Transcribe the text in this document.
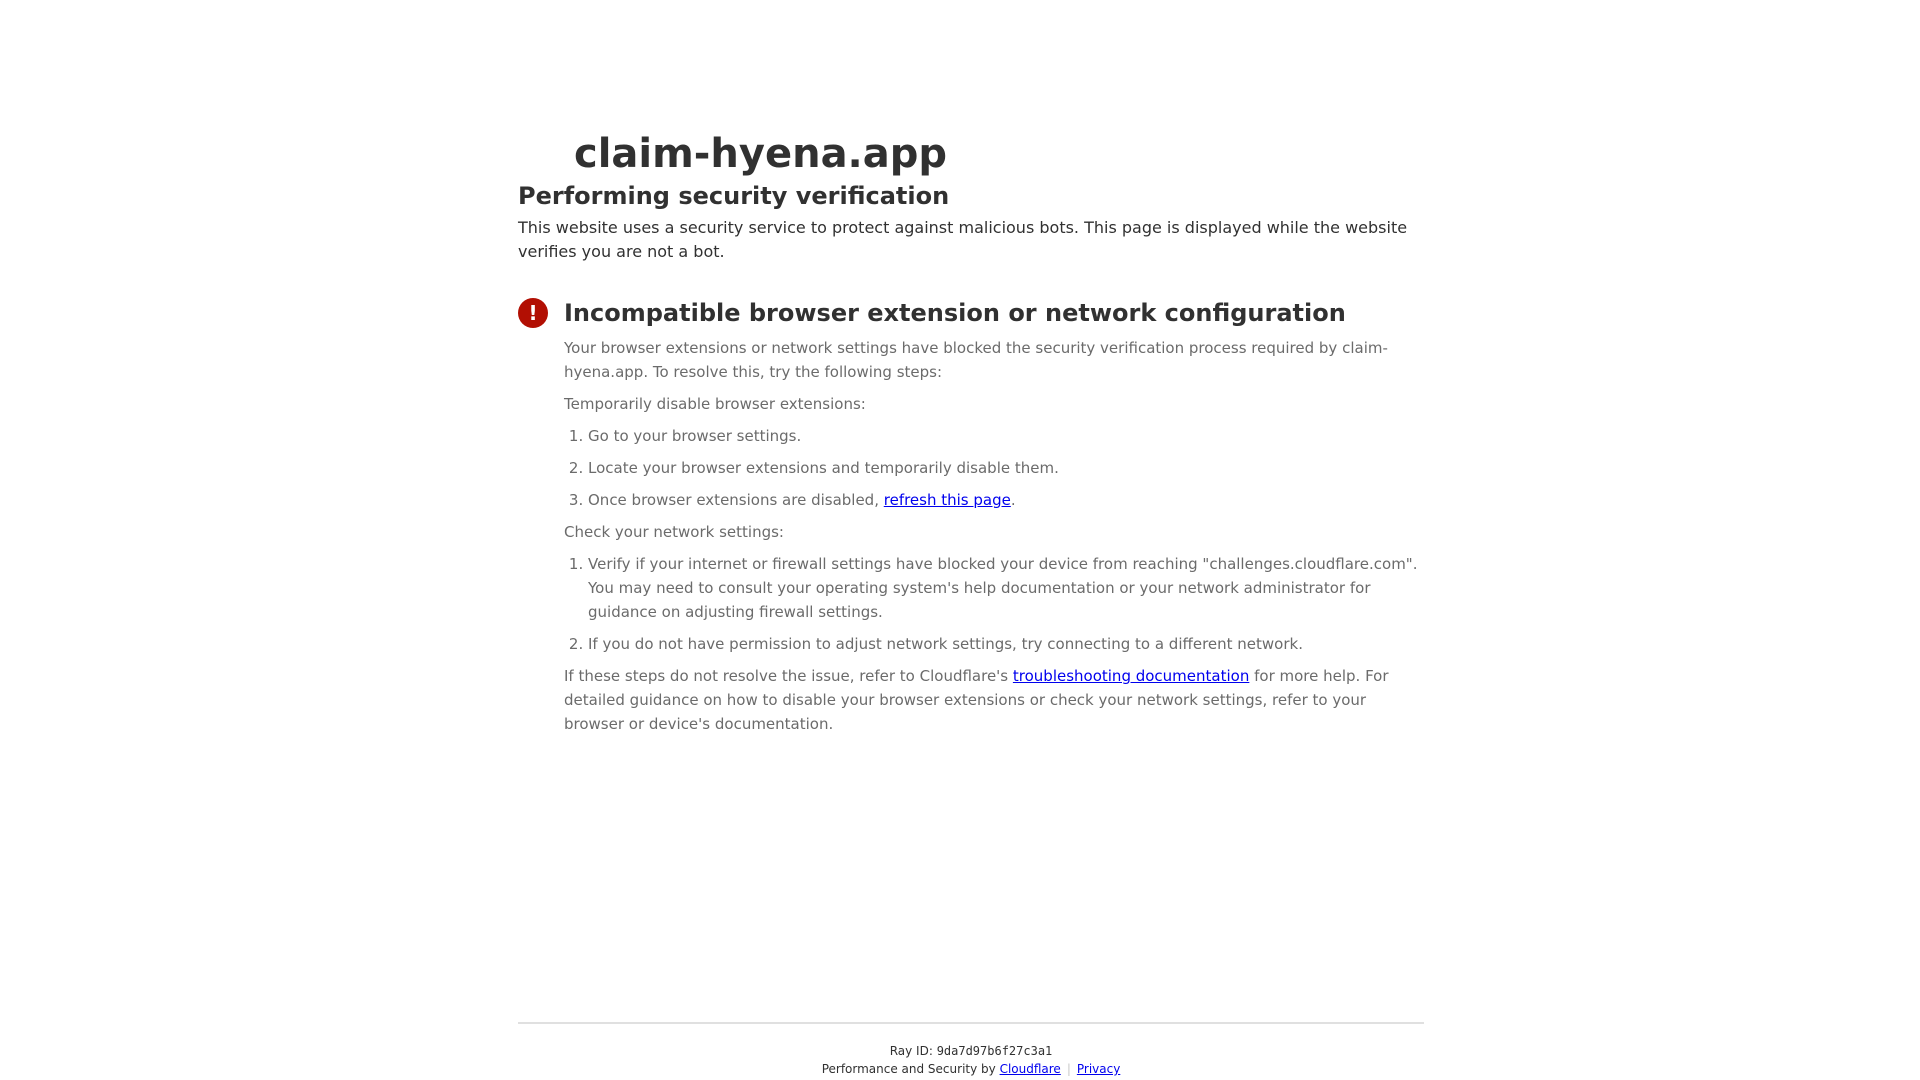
claim-hyena.app
Performing security verification

This website uses a security service to protect against malicious bots. This page is displayed while the website verifies you are not a bot.

!	Incompatible browser extension or network configuration

Your browser extensions or network settings have blocked the security verification process required by claim-hyena.app. To resolve this, try the following steps:

Temporarily disable browser extensions:

1. Go to your browser settings.
2. Locate your browser extensions and temporarily disable them.
3. Once browser extensions are disabled, refresh this page.

Check your network settings:

1. Verify if your internet or firewall settings have blocked your device from reaching "challenges.cloudflare.com". You may need to consult your operating system's help documentation or your network administrator for guidance on adjusting firewall settings.
2. If you do not have permission to adjust network settings, try connecting to a different network.

If these steps do not resolve the issue, refer to Cloudflare's troubleshooting documentation for more help. For detailed guidance on how to disable your browser extensions or check your network settings, refer to your browser or device's documentation.

Ray ID: 9da7d97b6f27c3a1
Performance and Security by Cloudflare | Privacy
